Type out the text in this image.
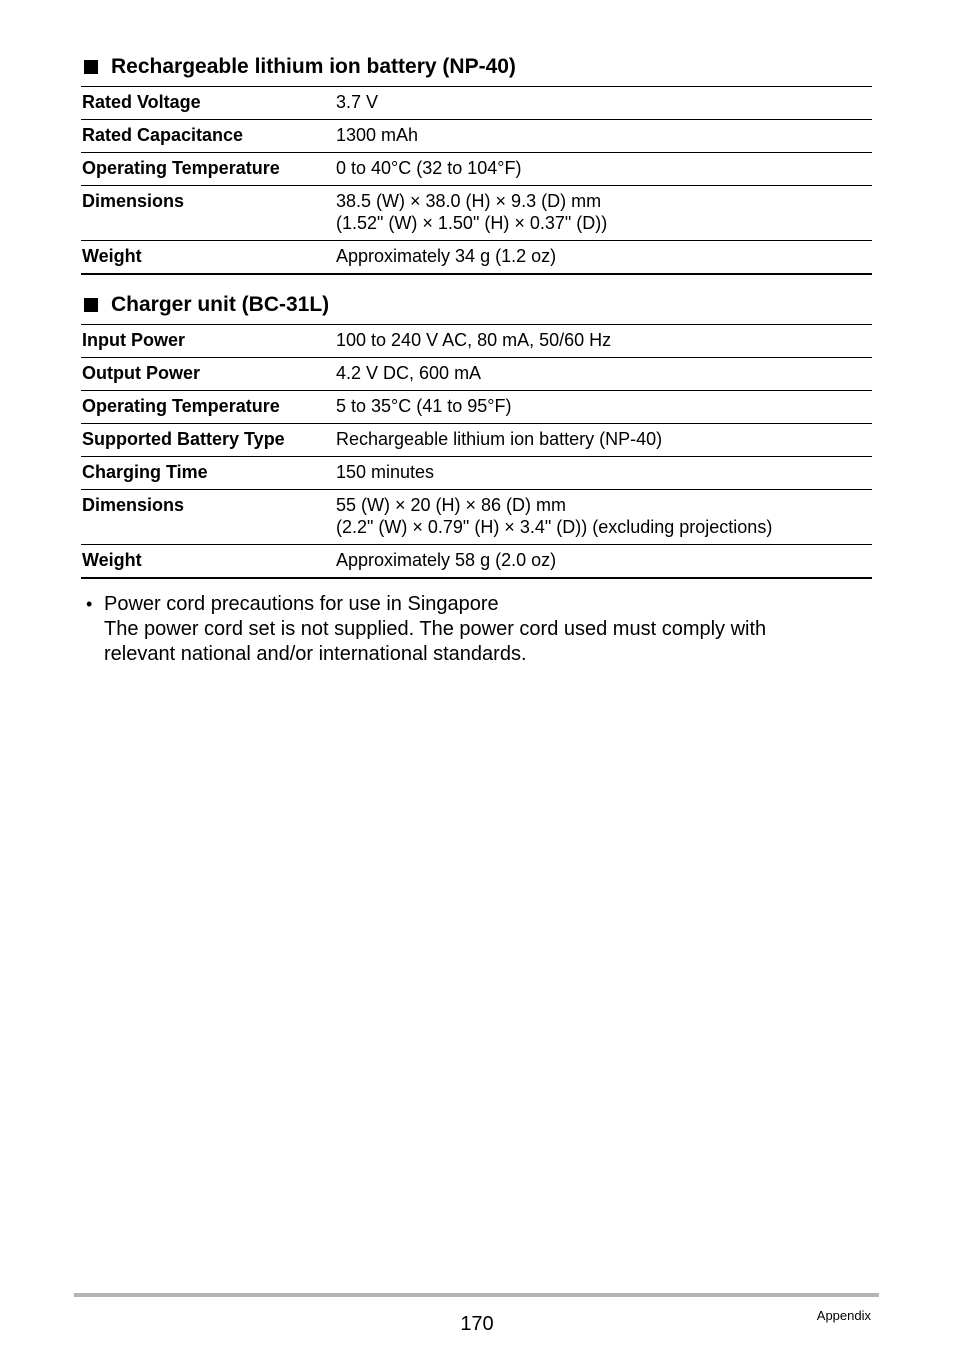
Rechargeable lithium ion battery (NP-40)
Rated Voltage	3.7 V
Rated Capacitance	1300 mAh
Operating Temperature	0 to 40°C (32 to 104°F)
Dimensions	38.5 (W) × 38.0 (H) × 9.3 (D) mm
(1.52" (W) × 1.50" (H) × 0.37" (D))
Weight	Approximately 34 g (1.2 oz)
Charger unit (BC-31L)
Input Power	100 to 240 V AC, 80 mA, 50/60 Hz
Output Power	4.2 V DC, 600 mA
Operating Temperature	5 to 35°C (41 to 95°F)
Supported Battery Type	Rechargeable lithium ion battery (NP-40)
Charging Time	150 minutes
Dimensions	55 (W) × 20 (H) × 86 (D) mm
(2.2" (W) × 0.79" (H) × 3.4" (D)) (excluding projections)
Weight	Approximately 58 g (2.0 oz)
• Power cord precautions for use in Singapore
The power cord set is not supplied. The power cord used must comply with
relevant national and/or international standards.
170	Appendix
